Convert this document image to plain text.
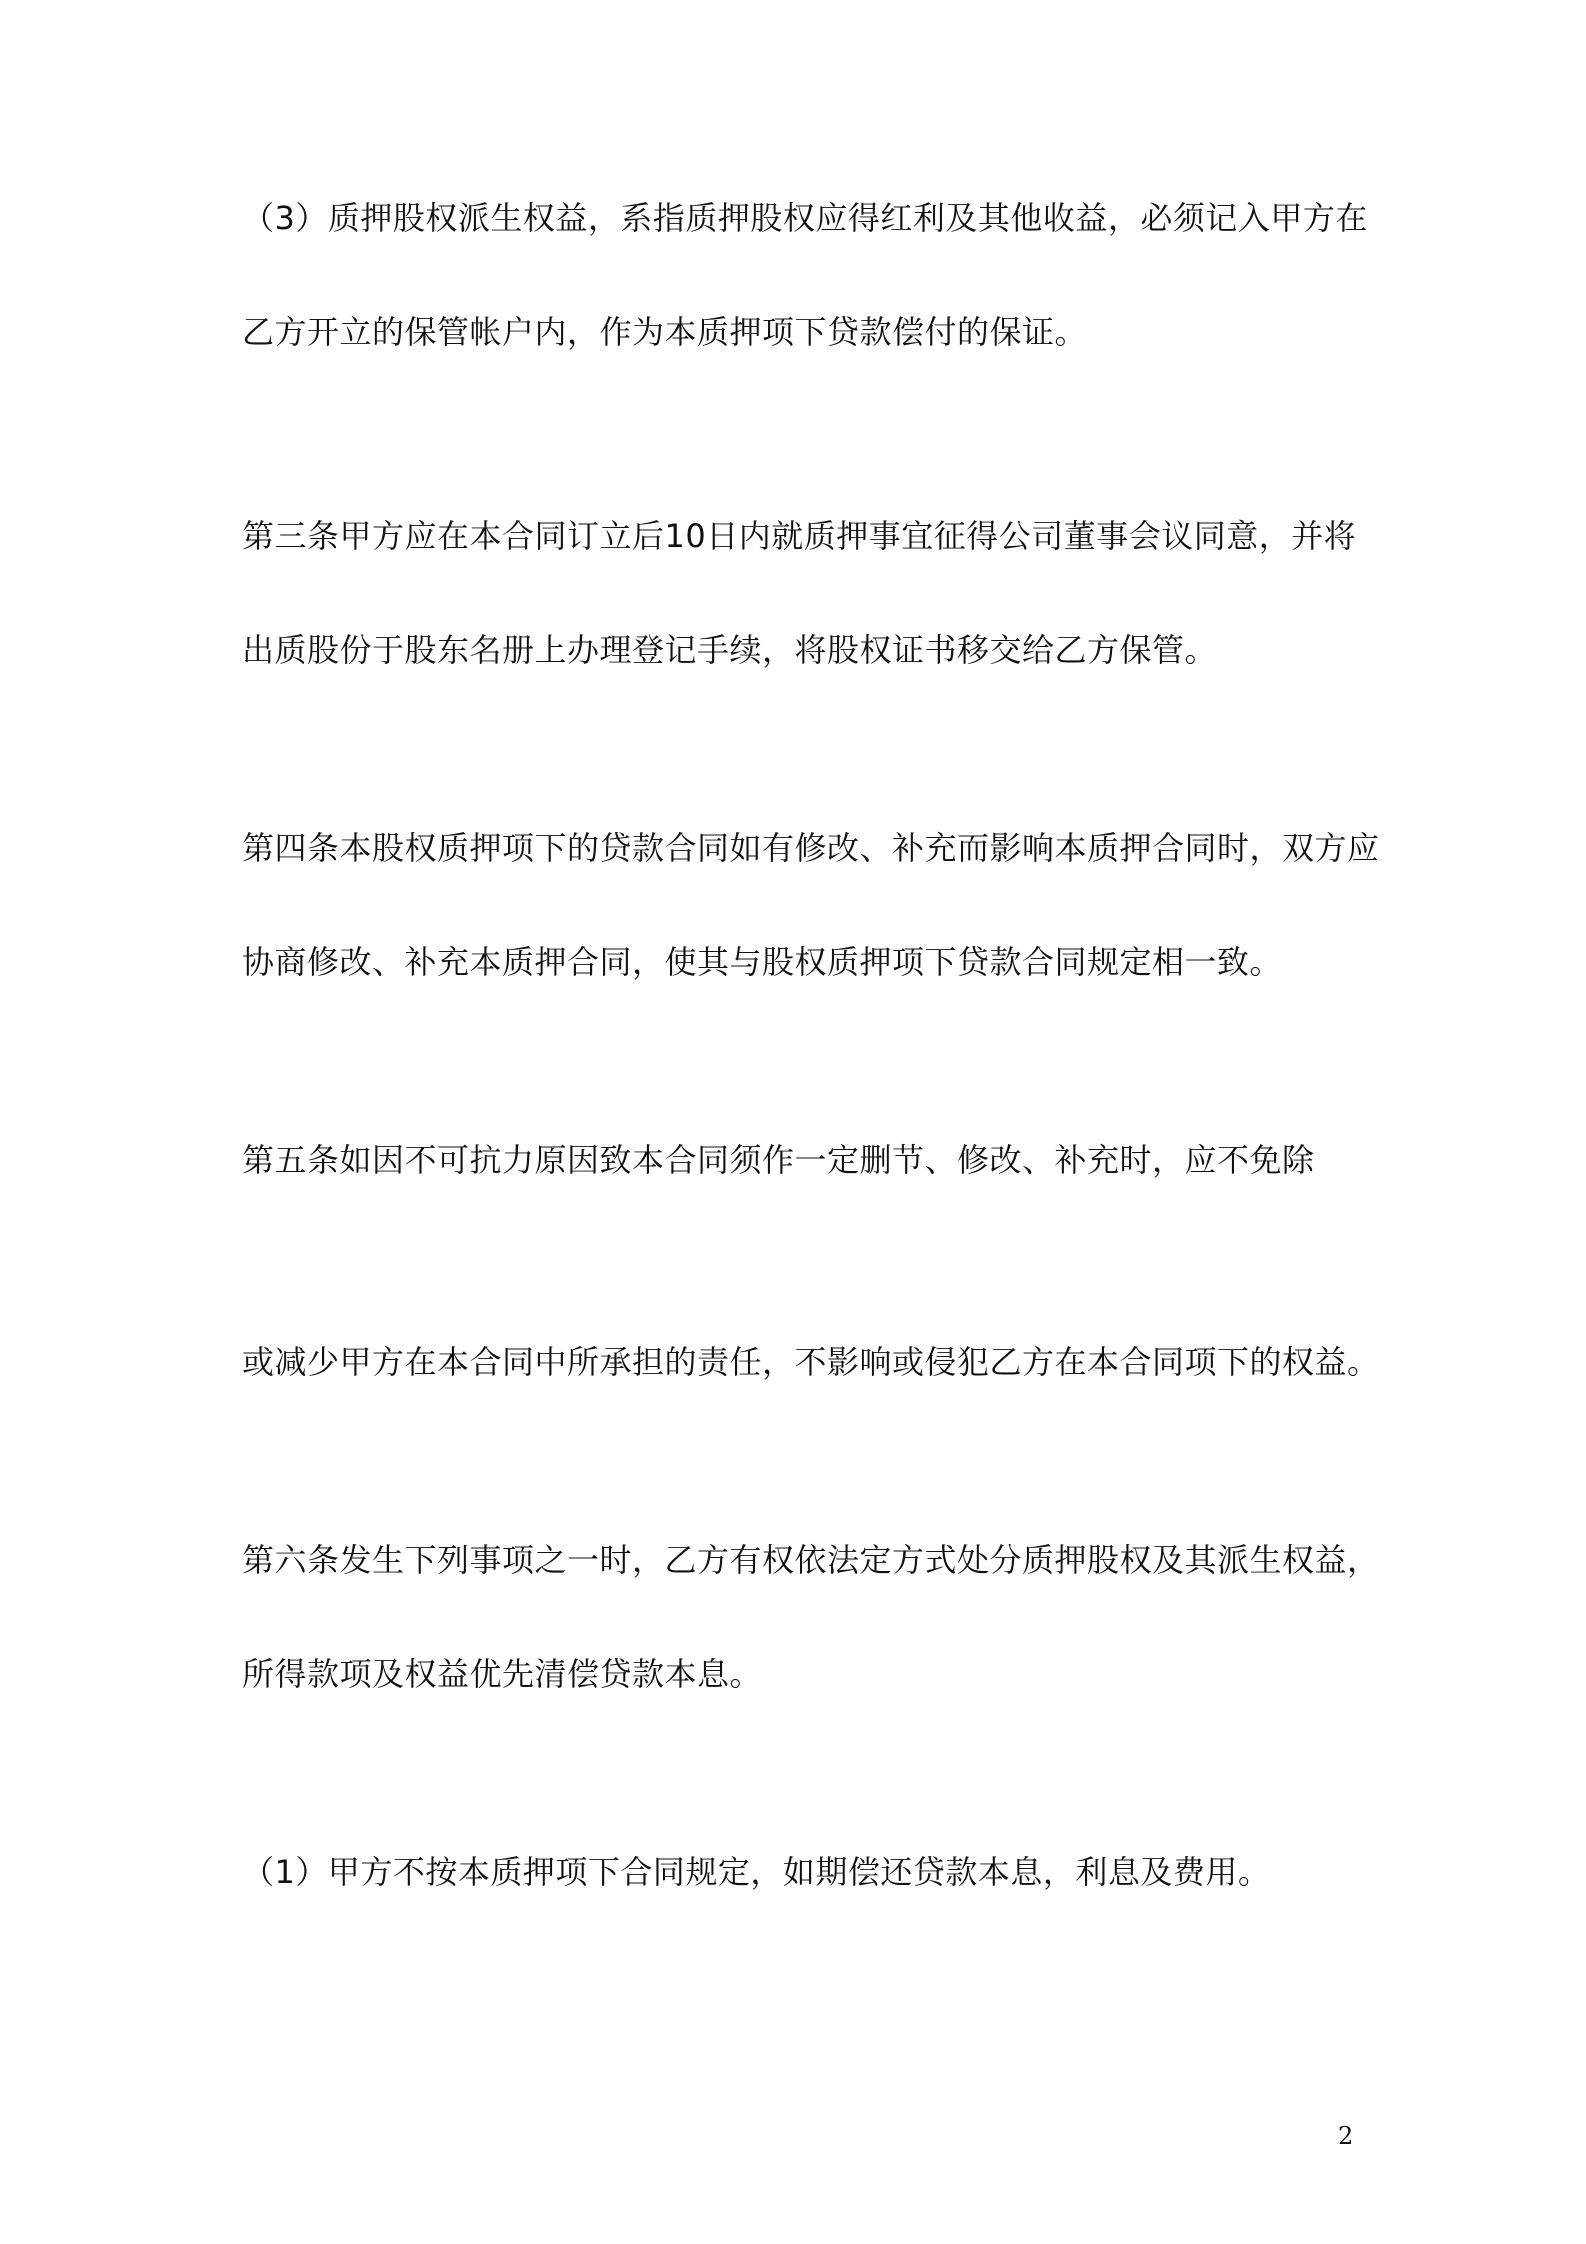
（3）质押股权派生权益，系指质押股权应得红利及其他收益，必须记入甲方在
乙方开立的保管帐户内，作为本质押项下贷款偿付的保证。
第三条甲方应在本合同订立后10日内就质押事宜征得公司董事会议同意，并将
出质股份于股东名册上办理登记手续，将股权证书移交给乙方保管。
第四条本股权质押项下的贷款合同如有修改、补充而影响本质押合同时，双方应
协商修改、补充本质押合同，使其与股权质押项下贷款合同规定相一致。
第五条如因不可抗力原因致本合同须作一定删节、修改、补充时，应不免除
或减少甲方在本合同中所承担的责任，不影响或侵犯乙方在本合同项下的权益。
第六条发生下列事项之一时，乙方有权依法定方式处分质押股权及其派生权益，
所得款项及权益优先清偿贷款本息。
（1）甲方不按本质押项下合同规定，如期偿还贷款本息，利息及费用。
2
